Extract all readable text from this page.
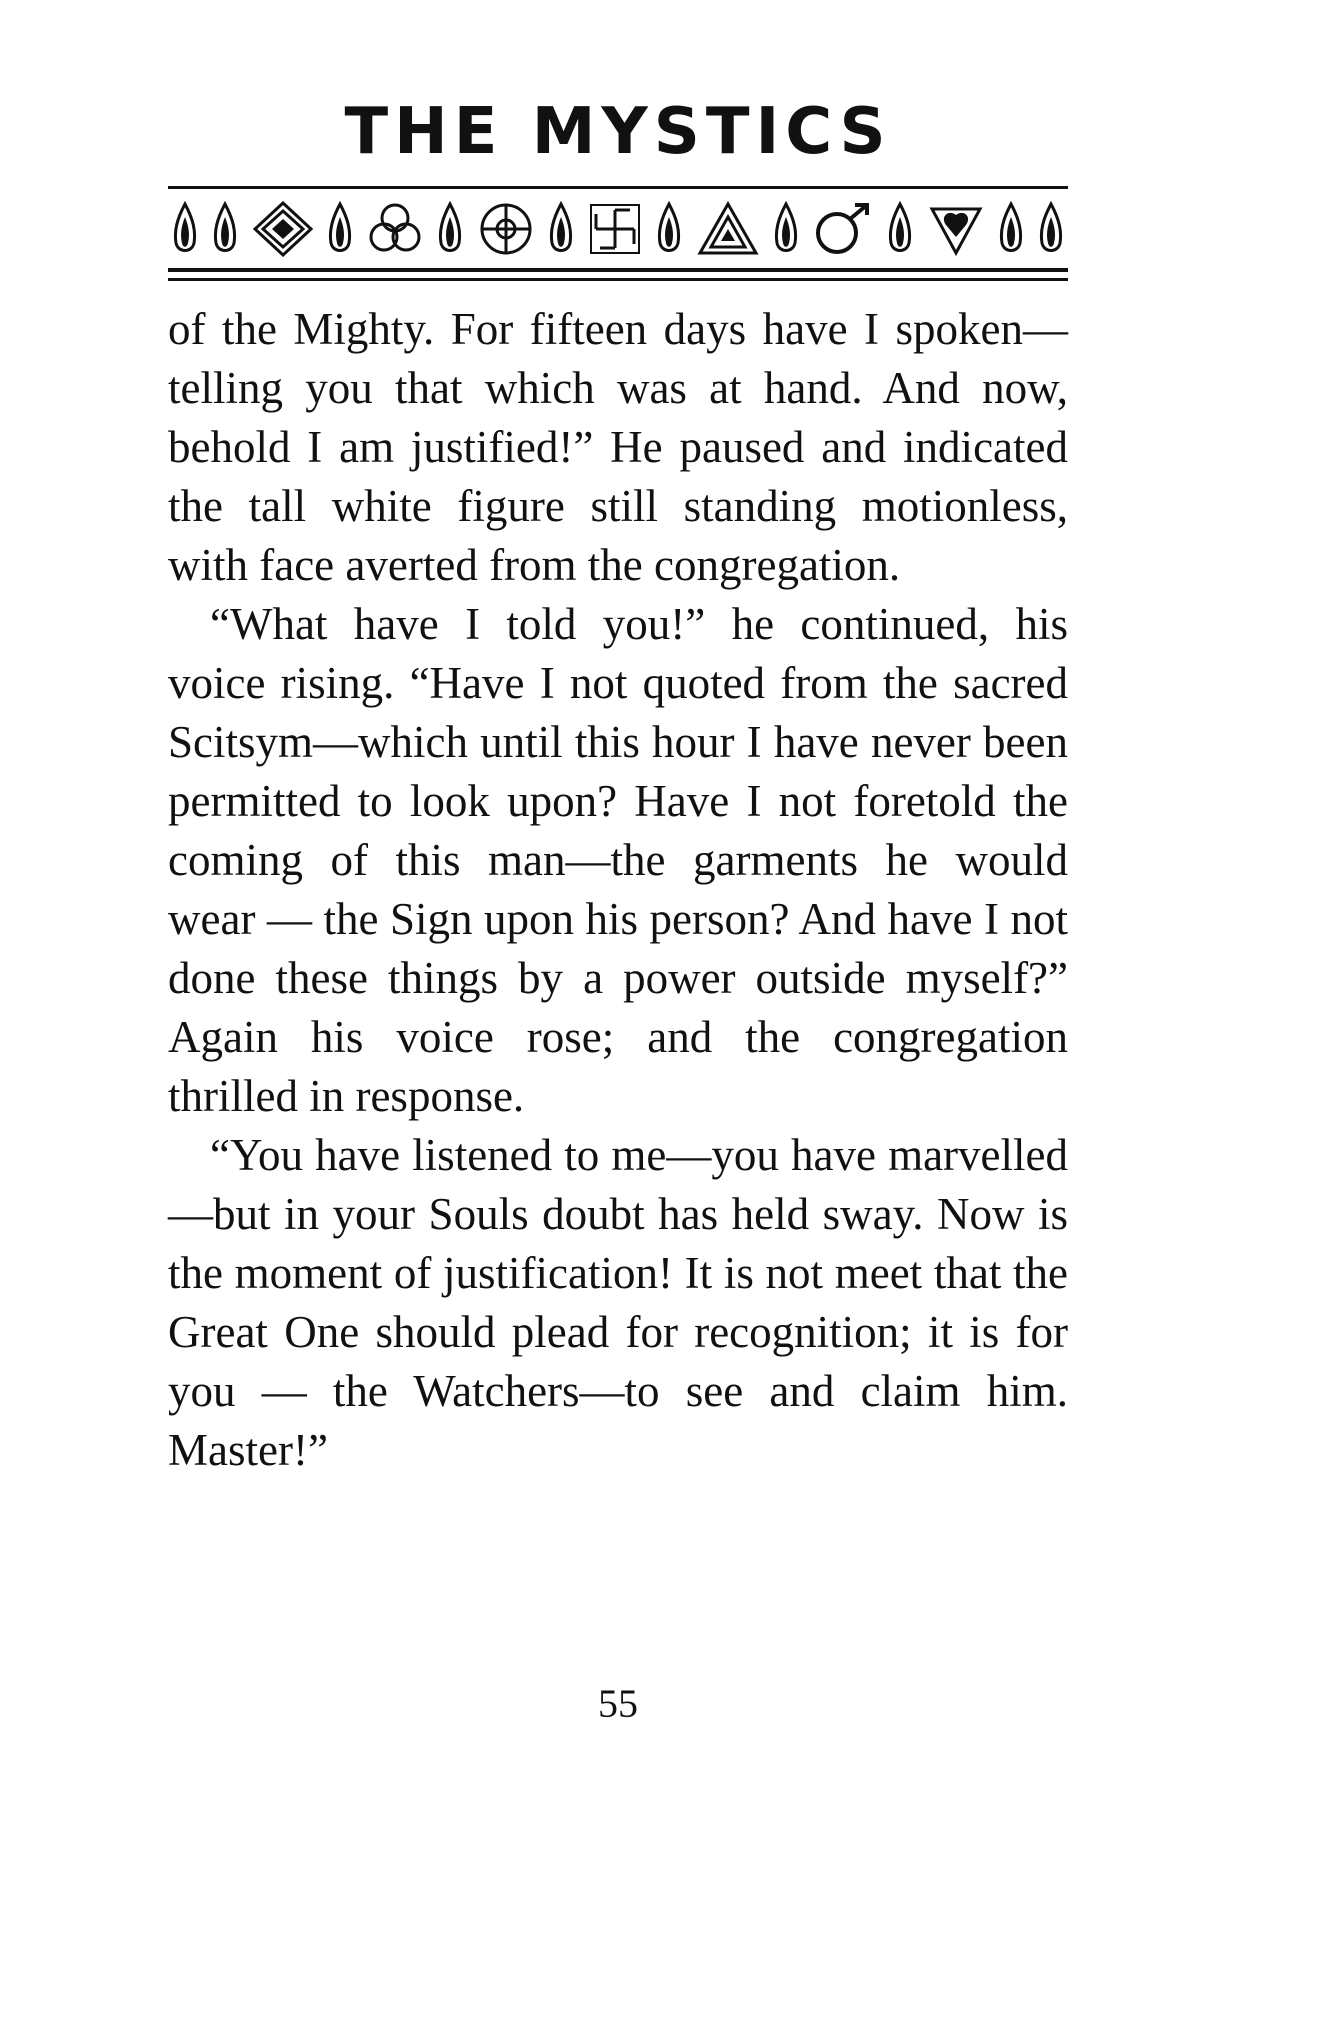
THE MYSTICS

of the Mighty. For fifteen days have I spoken—telling you that which was at hand. And now, behold I am justified!” He paused and indicated the tall white figure still standing motionless, with face averted from the congregation.

“What have I told you!” he continued, his voice rising. “Have I not quoted from the sacred Scitsym—which until this hour I have never been permitted to look upon? Have I not foretold the coming of this man—the garments he would wear — the Sign upon his person? And have I not done these things by a power outside myself?” Again his voice rose; and the congregation thrilled in response.

“You have listened to me—you have marvelled—but in your Souls doubt has held sway. Now is the moment of justification! It is not meet that the Great One should plead for recognition; it is for you — the Watchers—to see and claim him. Master!”

55
